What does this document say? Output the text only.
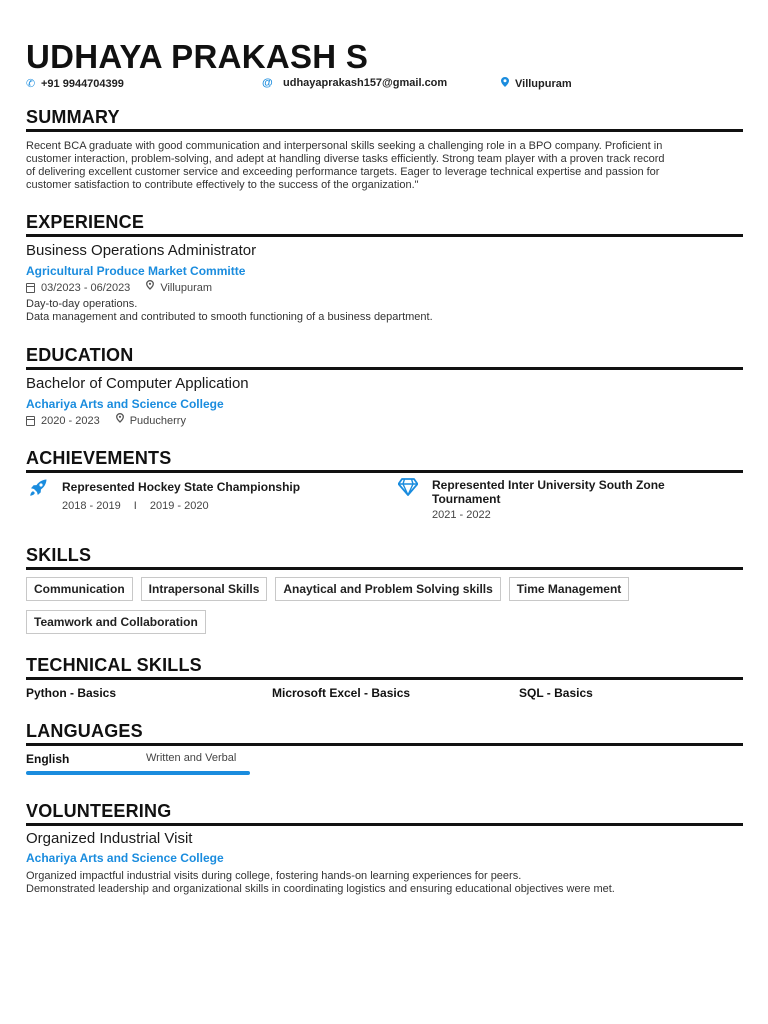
UDHAYA PRAKASH S
✆ +91 9944704399	@ udhayaprakash157@gmail.com	Villupuram
SUMMARY
Recent BCA graduate with good communication and interpersonal skills seeking a challenging role in a BPO company. Proficient in
customer interaction, problem-solving, and adept at handling diverse tasks efficiently. Strong team player with a proven track record
of delivering excellent customer service and exceeding performance targets. Eager to leverage technical expertise and passion for
customer satisfaction to contribute effectively to the success of the organization."
EXPERIENCE
Business Operations Administrator
Agricultural Produce Market Committe
03/2023 - 06/2023	Villupuram
Day-to-day operations.
Data management and contributed to smooth functioning of a business department.
EDUCATION
Bachelor of Computer Application
Achariya Arts and Science College
2020 - 2023	Puducherry
ACHIEVEMENTS
Represented Hockey State Championship
2018 - 2019 I 2019 - 2020
Represented Inter University South Zone
Tournament
2021 - 2022
SKILLS
Communication	Intrapersonal Skills	Anaytical and Problem Solving skills	Time Management
Teamwork and Collaboration
TECHNICAL SKILLS
Python - Basics	Microsoft Excel - Basics	SQL - Basics
LANGUAGES
English	Written and Verbal
VOLUNTEERING
Organized Industrial Visit
Achariya Arts and Science College
Organized impactful industrial visits during college, fostering hands-on learning experiences for peers.
Demonstrated leadership and organizational skills in coordinating logistics and ensuring educational objectives were met.
